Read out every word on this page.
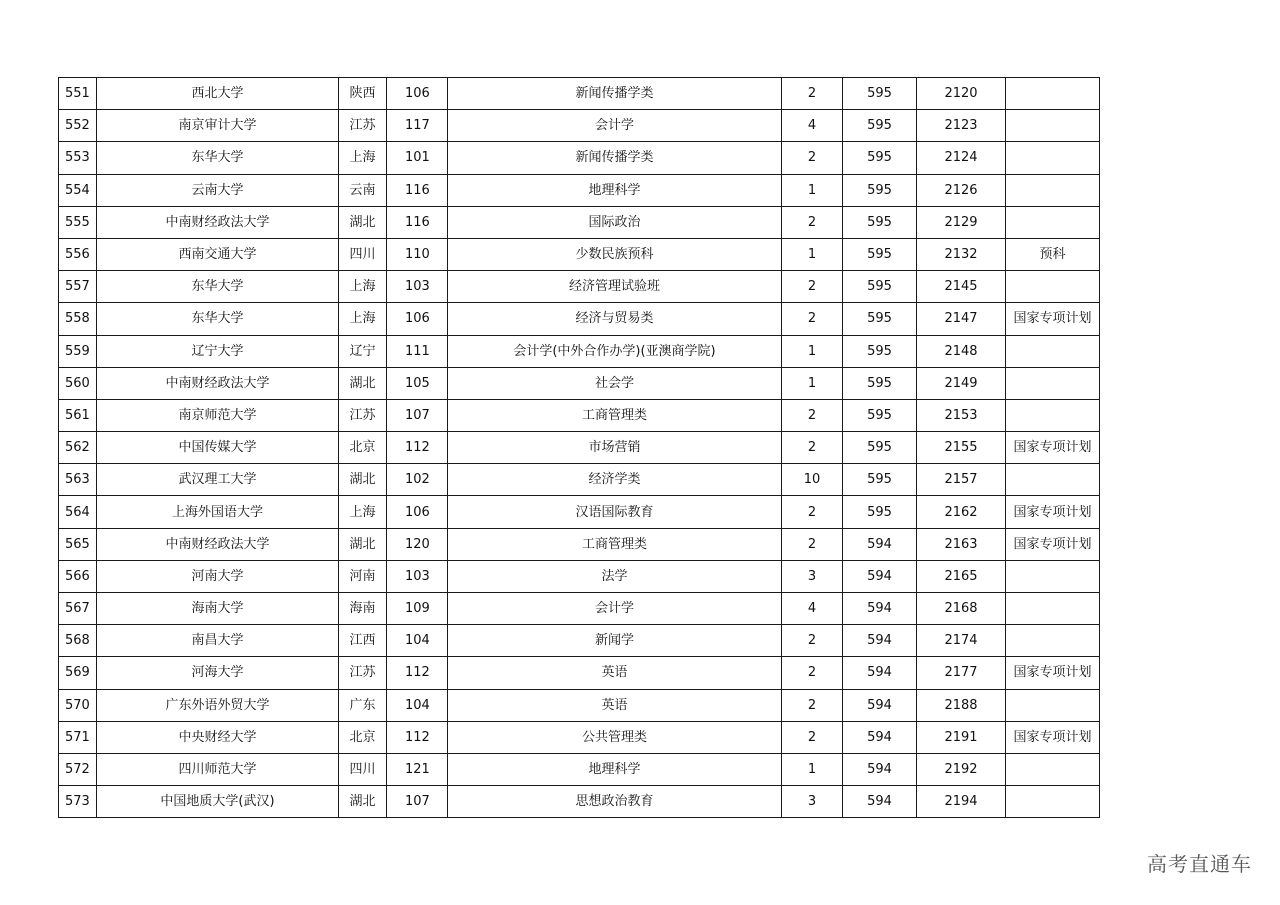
551	西北大学	陕西	106	新闻传播学类	2	595	2120	
552	南京审计大学	江苏	117	会计学	4	595	2123	
553	东华大学	上海	101	新闻传播学类	2	595	2124	
554	云南大学	云南	116	地理科学	1	595	2126	
555	中南财经政法大学	湖北	116	国际政治	2	595	2129	
556	西南交通大学	四川	110	少数民族预科	1	595	2132	预科
557	东华大学	上海	103	经济管理试验班	2	595	2145	
558	东华大学	上海	106	经济与贸易类	2	595	2147	国家专项计划
559	辽宁大学	辽宁	111	会计学(中外合作办学)(亚澳商学院)	1	595	2148	
560	中南财经政法大学	湖北	105	社会学	1	595	2149	
561	南京师范大学	江苏	107	工商管理类	2	595	2153	
562	中国传媒大学	北京	112	市场营销	2	595	2155	国家专项计划
563	武汉理工大学	湖北	102	经济学类	10	595	2157	
564	上海外国语大学	上海	106	汉语国际教育	2	595	2162	国家专项计划
565	中南财经政法大学	湖北	120	工商管理类	2	594	2163	国家专项计划
566	河南大学	河南	103	法学	3	594	2165	
567	海南大学	海南	109	会计学	4	594	2168	
568	南昌大学	江西	104	新闻学	2	594	2174	
569	河海大学	江苏	112	英语	2	594	2177	国家专项计划
570	广东外语外贸大学	广东	104	英语	2	594	2188	
571	中央财经大学	北京	112	公共管理类	2	594	2191	国家专项计划
572	四川师范大学	四川	121	地理科学	1	594	2192	
573	中国地质大学(武汉)	湖北	107	思想政治教育	3	594	2194	
高考直通车
